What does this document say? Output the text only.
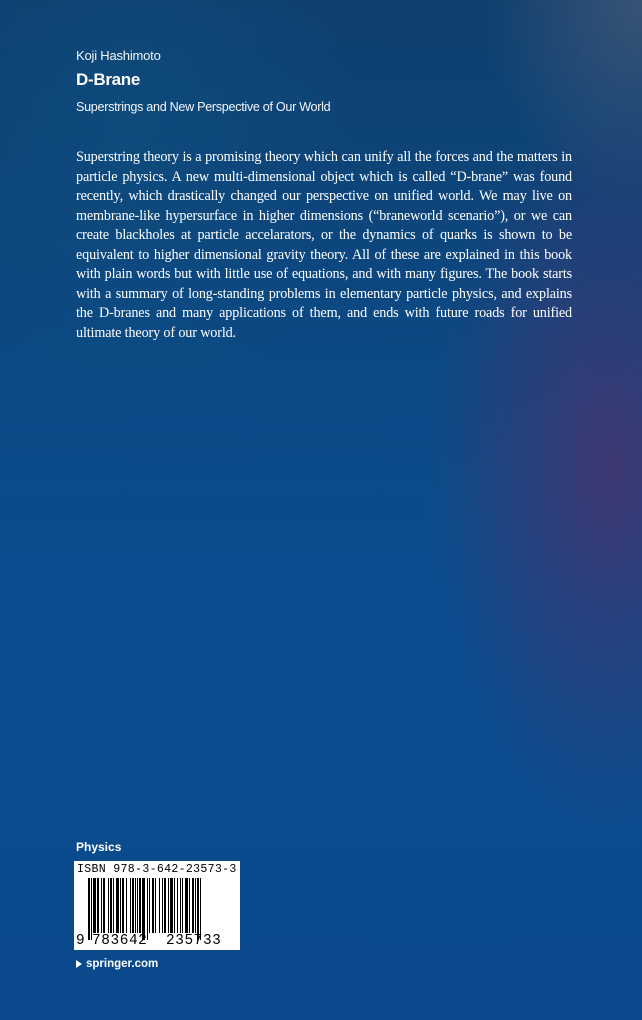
Koji Hashimoto
D-Brane
Superstrings and New Perspective of Our World

Superstring theory is a promising theory which can unify all the forces and the matters in particle physics. A new multi-dimensional object which is called “D-brane” was found recently, which drastically changed our perspective on unified world. We may live on membrane-like hypersurface in higher dimensions (“braneworld scenario”), or we can create blackholes at particle accelarators, or the dynamics of quarks is shown to be equivalent to higher dimensional gravity theory. All of these are explained in this book with plain words but with little use of equations, and with many figures. The book starts with a summary of long-standing problems in elementary particle physics, and explains the D-branes and many applications of them, and ends with future roads for unified ultimate theory of our world.

Physics
ISBN 978-3-642-23573-3
9 783642 235733
springer.com
